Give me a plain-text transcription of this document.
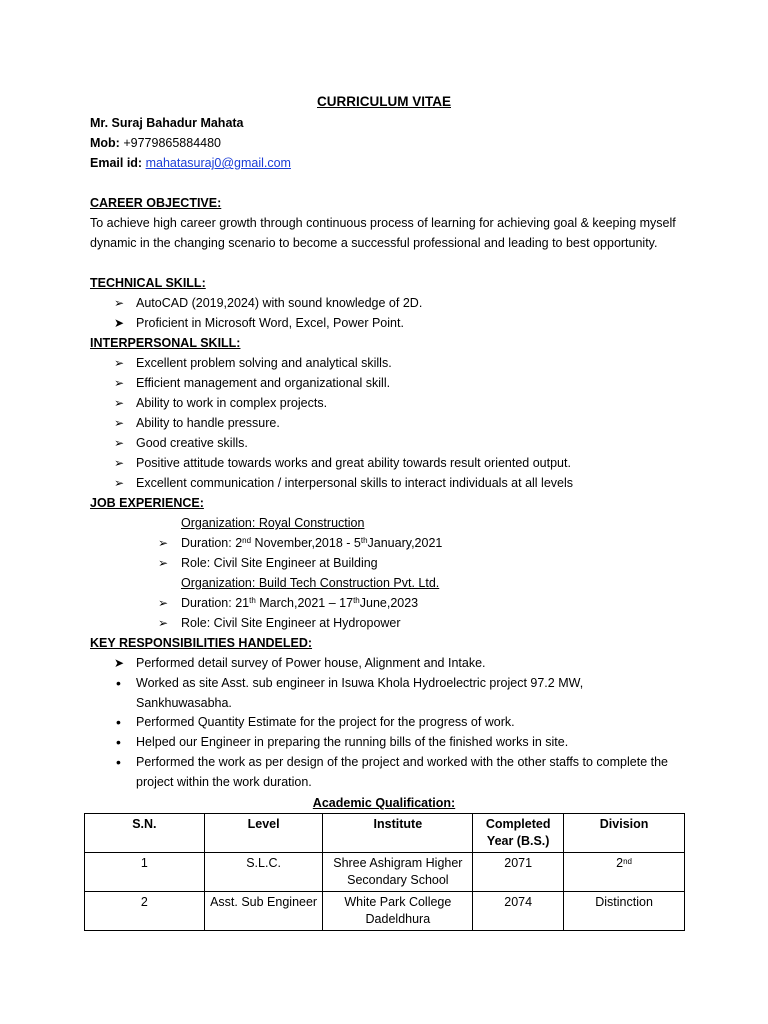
CURRICULUM VITAE
Mr. Suraj Bahadur Mahata
Mob: +9779865884480
Email id: mahatasuraj0@gmail.com
CAREER OBJECTIVE:
To achieve high career growth through continuous process of learning for achieving goal & keeping myself dynamic in the changing scenario to become a successful professional and leading to best opportunity.
TECHNICAL SKILL:
➢ AutoCAD (2019,2024) with sound knowledge of 2D.
➤ Proficient in Microsoft Word, Excel, Power Point.
INTERPERSONAL SKILL:
➢ Excellent problem solving and analytical skills.
➢ Efficient management and organizational skill.
➢ Ability to work in complex projects.
➢ Ability to handle pressure.
➢ Good creative skills.
➢ Positive attitude towards works and great ability towards result oriented output.
➢ Excellent communication / interpersonal skills to interact individuals at all levels
JOB EXPERIENCE:
Organization: Royal Construction
➢ Duration: 2nd November,2018 - 5thJanuary,2021
➢ Role: Civil Site Engineer at Building
Organization: Build Tech Construction Pvt. Ltd.
➢ Duration: 21th March,2021 – 17thJune,2023
➢ Role: Civil Site Engineer at Hydropower
KEY RESPONSIBILITIES HANDELED:
➤ Performed detail survey of Power house, Alignment and Intake.
• Worked as site Asst. sub engineer in Isuwa Khola Hydroelectric project 97.2 MW, Sankhuwasabha.
• Performed Quantity Estimate for the project for the progress of work.
• Helped our Engineer in preparing the running bills of the finished works in site.
• Performed the work as per design of the project and worked with the other staffs to complete the project within the work duration.
Academic Qualification:
S.N.	Level	Institute	Completed Year (B.S.)	Division
1	S.L.C.	Shree Ashigram Higher Secondary School	2071	2nd
2	Asst. Sub Engineer	White Park College Dadeldhura	2074	Distinction
